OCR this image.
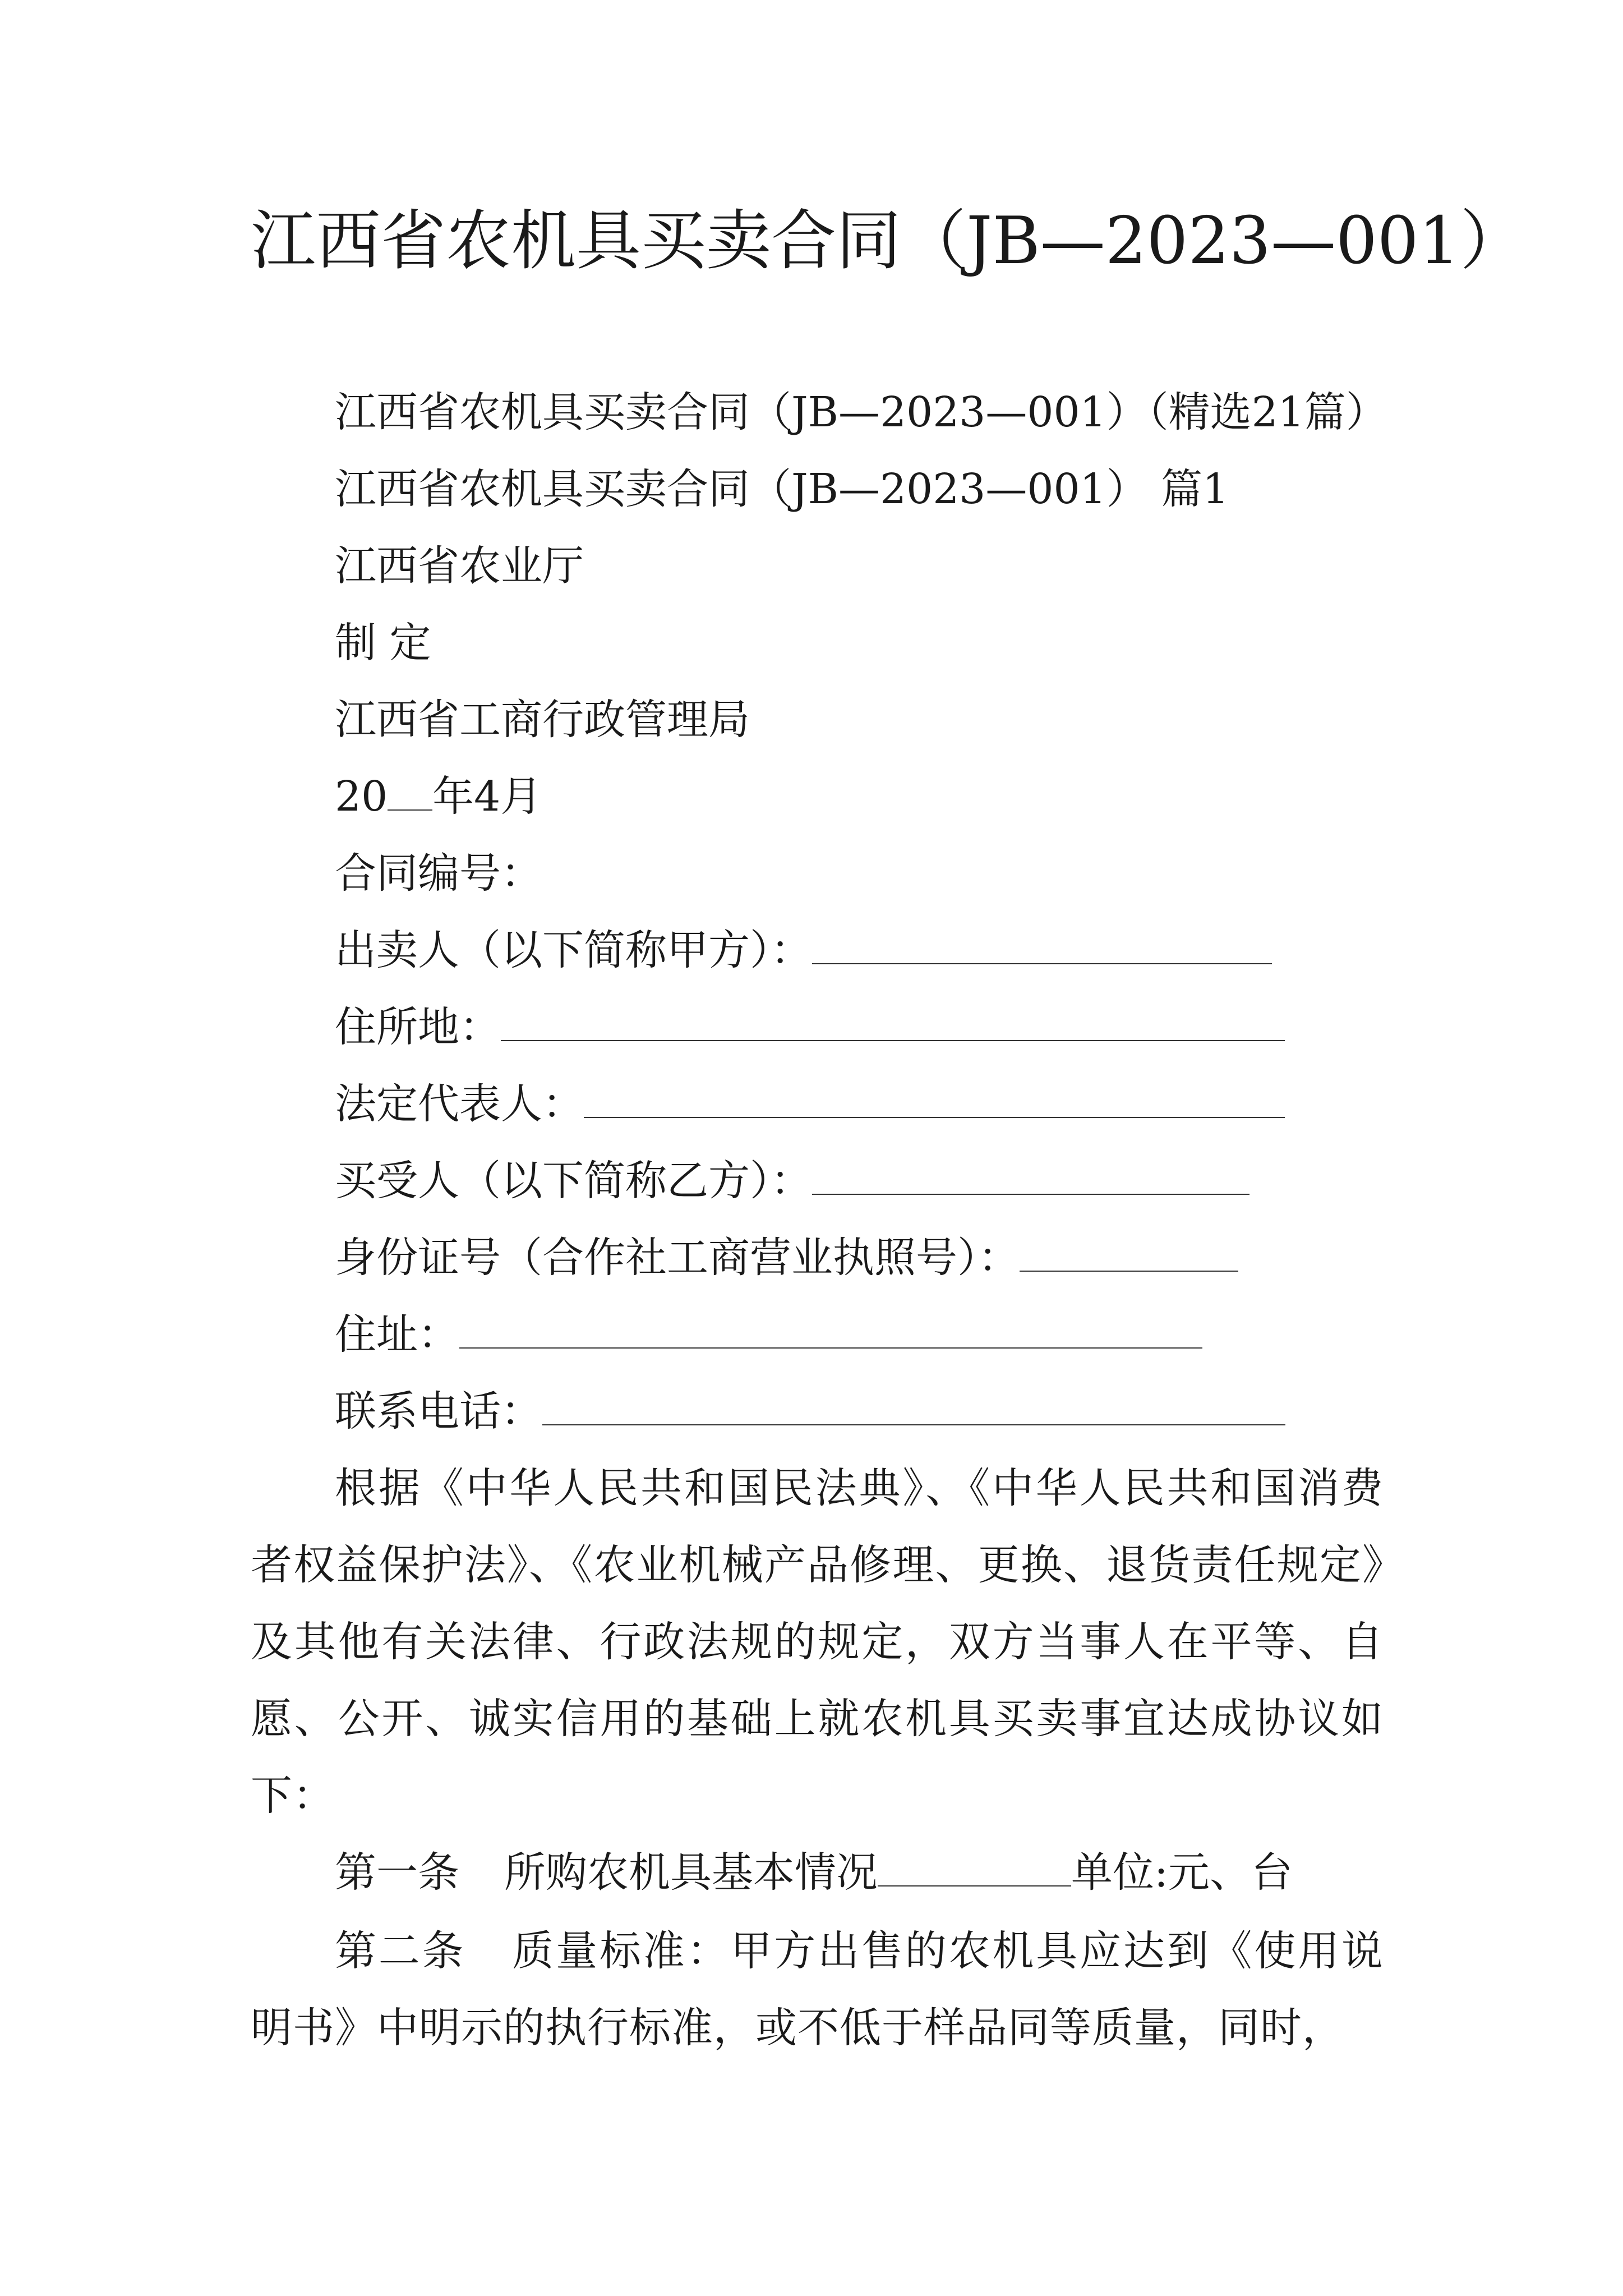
江西省农机具买卖合同（JB—2023—001）

江西省农机具买卖合同（JB—2023—001）（精选21篇）

江西省农机具买卖合同（JB—2023—001） 篇1

江西省农业厅

制 定

江西省工商行政管理局

20 年4月

合同编号：

出卖人（以下简称甲方）：

住所地：

法定代表人：

买受人（以下简称乙方）：

身份证号（合作社工商营业执照号）：

住址：

联系电话：

根据《中华人民共和国民法典》、《中华人民共和国消费者权益保护法》、《农业机械产品修理、更换、退货责任规定》及其他有关法律、行政法规的规定，双方当事人在平等、自愿、公开、诚实信用的基础上就农机具买卖事宜达成协议如下：

第一条 所购农机具基本情况	单位:元、台

第二条 质量标准：甲方出售的农机具应达到《使用说明书》中明示的执行标准，或不低于样品同等质量，同时，
